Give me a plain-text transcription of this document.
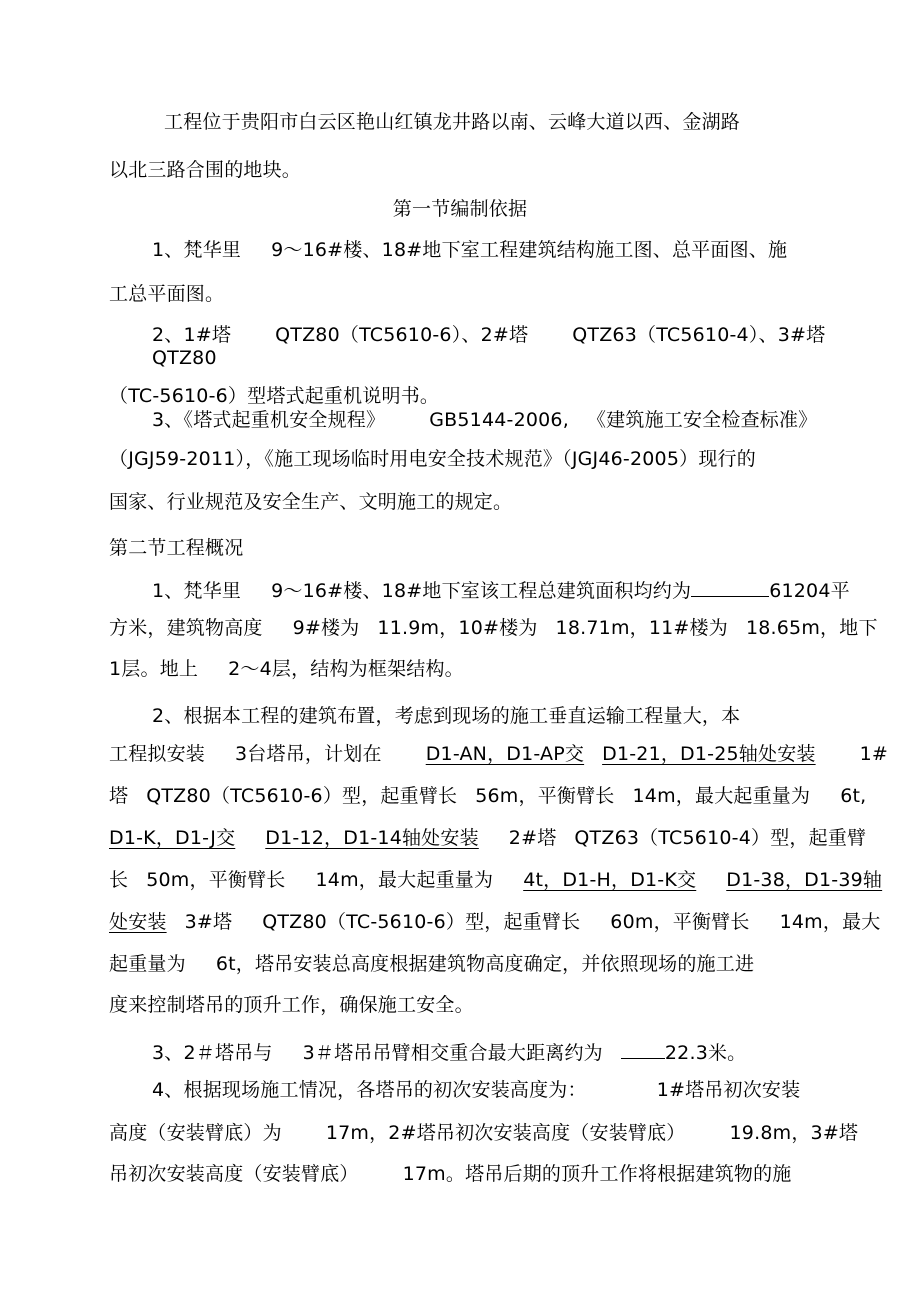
工程位于贵阳市白云区艳山红镇龙井路以南、云峰大道以西、金湖路
以北三路合围的地块。
第一节编制依据
1、梵华里 9～16#楼、18#地下室工程建筑结构施工图、总平面图、施
工总平面图。
2、1#塔 QTZ80（TC5610-6）、2#塔 QTZ63（TC5610-4）、3#塔
QTZ80
（TC-5610-6）型塔式起重机说明书。
3、《塔式起重机安全规程》 GB5144-2006, 《建筑施工安全检查标准》
（JGJ59-2011），《施工现场临时用电安全技术规范》（JGJ46-2005）现行的
国家、行业规范及安全生产、文明施工的规定。
第二节工程概况
1、梵华里 9～16#楼、18#地下室该工程总建筑面积均约为	61204平
方米，建筑物高度 9#楼为 11.9m，10#楼为 18.71m，11#楼为 18.65m，地下
1层。地上 2～4层，结构为框架结构。
2、根据本工程的建筑布置，考虑到现场的施工垂直运输工程量大，本
工程拟安装 3台塔吊，计划在 D1-AN，D1-AP交 D1-21，D1-25轴处安装 1#
塔 QTZ80（TC5610-6）型，起重臂长 56m，平衡臂长 14m，最大起重量为 6t,
D1-K，D1-J交 D1-12，D1-14轴处安装 2#塔 QTZ63（TC5610-4）型，起重臂
长 50m，平衡臂长 14m，最大起重量为 4t，D1-H，D1-K交 D1-38，D1-39轴
处安装 3#塔 QTZ80（TC-5610-6）型，起重臂长 60m，平衡臂长 14m，最大
起重量为 6t，塔吊安装总高度根据建筑物高度确定，并依照现场的施工进
度来控制塔吊的顶升工作，确保施工安全。
3、2＃塔吊与 3＃塔吊吊臂相交重合最大距离约为	22.3米。
4、根据现场施工情况，各塔吊的初次安装高度为：	1#塔吊初次安装
高度（安装臂底）为 17m，2#塔吊初次安装高度（安装臂底） 19.8m，3#塔
吊初次安装高度（安装臂底） 17m。塔吊后期的顶升工作将根据建筑物的施
